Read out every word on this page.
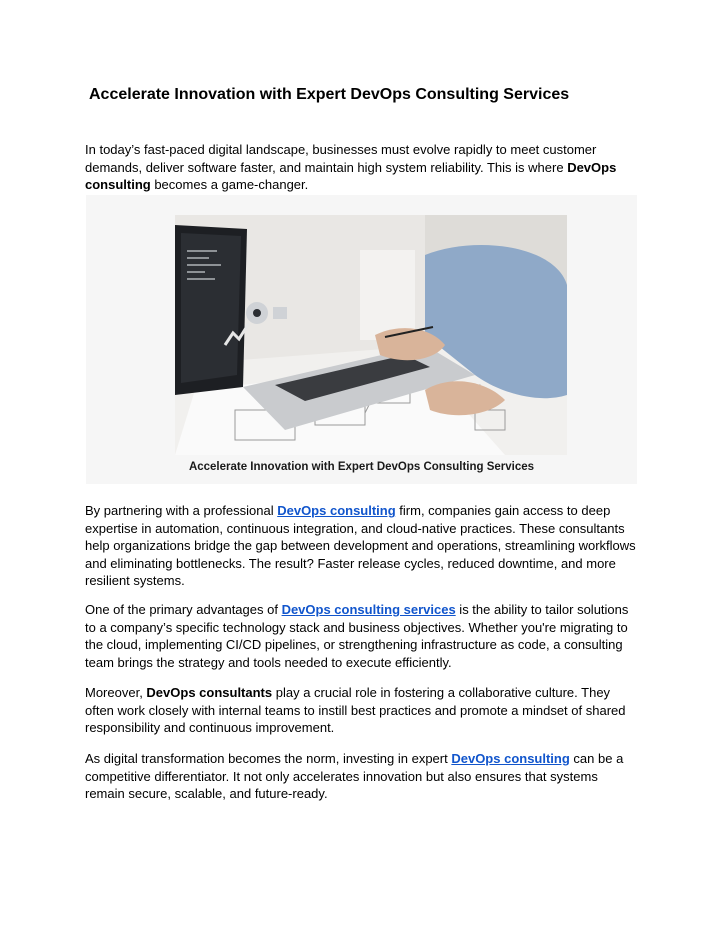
Accelerate Innovation with Expert DevOps Consulting Services

In today’s fast-paced digital landscape, businesses must evolve rapidly to meet customer demands, deliver software faster, and maintain high system reliability. This is where DevOps consulting becomes a game-changer.

Accelerate Innovation with Expert DevOps Consulting Services

By partnering with a professional DevOps consulting firm, companies gain access to deep expertise in automation, continuous integration, and cloud-native practices. These consultants help organizations bridge the gap between development and operations, streamlining workflows and eliminating bottlenecks. The result? Faster release cycles, reduced downtime, and more resilient systems.

One of the primary advantages of DevOps consulting services is the ability to tailor solutions to a company’s specific technology stack and business objectives. Whether you're migrating to the cloud, implementing CI/CD pipelines, or strengthening infrastructure as code, a consulting team brings the strategy and tools needed to execute efficiently.

Moreover, DevOps consultants play a crucial role in fostering a collaborative culture. They often work closely with internal teams to instill best practices and promote a mindset of shared responsibility and continuous improvement.

As digital transformation becomes the norm, investing in expert DevOps consulting can be a competitive differentiator. It not only accelerates innovation but also ensures that systems remain secure, scalable, and future-ready.
